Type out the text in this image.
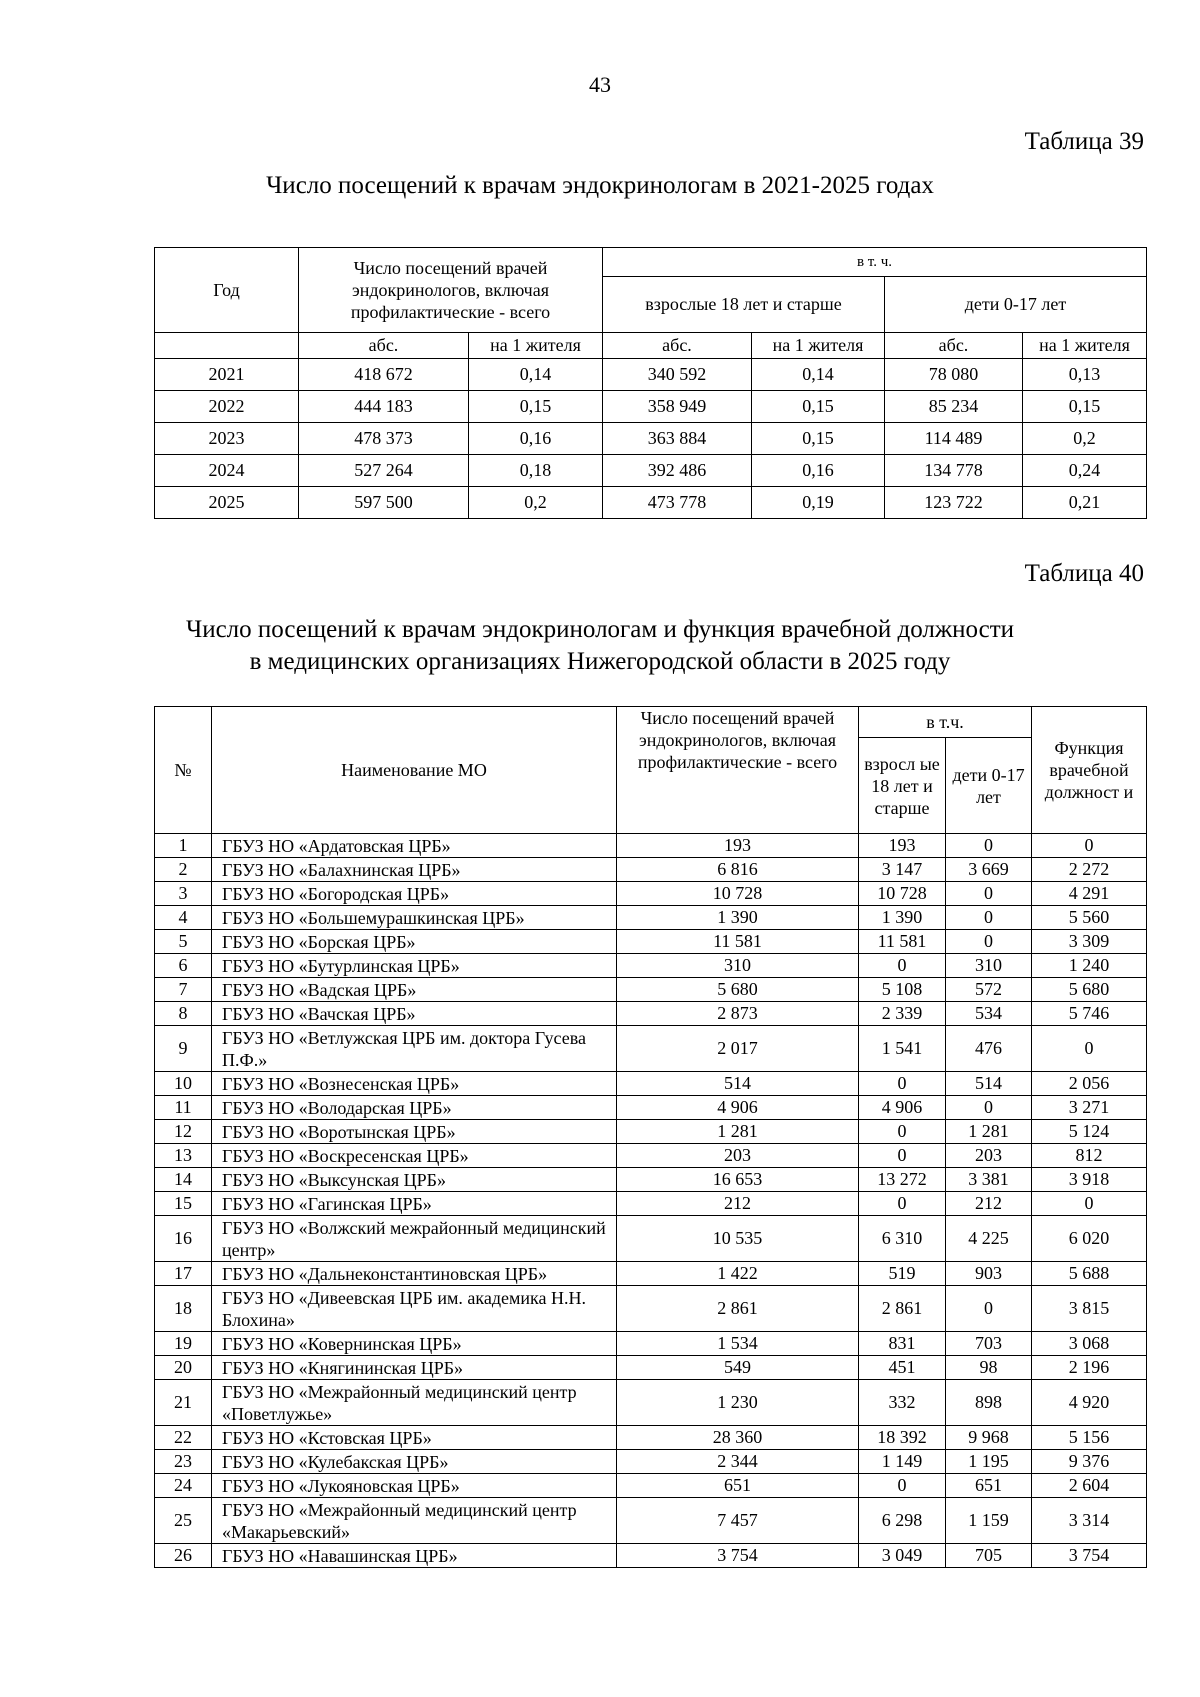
43
Таблица 39
Число посещений к врачам эндокринологам в 2021-2025 годах
Год	Число посещений врачей эндокринологов, включая профилактические - всего		в т. ч.			
			взрослые 18 лет и старше		дети 0-17 лет	
	абс.	на 1 жителя	абс.	на 1 жителя	абс.	на 1 жителя
2021	418 672	0,14	340 592	0,14	78 080	0,13
2022	444 183	0,15	358 949	0,15	85 234	0,15
2023	478 373	0,16	363 884	0,15	114 489	0,2
2024	527 264	0,18	392 486	0,16	134 778	0,24
2025	597 500	0,2	473 778	0,19	123 722	0,21
Таблица 40
Число посещений к врачам эндокринологам и функция врачебной должности
в медицинских организациях Нижегородской области в 2025 году
№	Наименование МО	Число посещений врачей эндокринологов, включая профилактические - всего	в т.ч.		Функция врачебной должност и
			взросл ые 18 лет и старше	дети 0-17 лет	
1	ГБУЗ НО «Ардатовская ЦРБ»	193	193	0	0
2	ГБУЗ НО «Балахнинская ЦРБ»	6 816	3 147	3 669	2 272
3	ГБУЗ НО «Богородская ЦРБ»	10 728	10 728	0	4 291
4	ГБУЗ НО «Большемурашкинская ЦРБ»	1 390	1 390	0	5 560
5	ГБУЗ НО «Борская ЦРБ»	11 581	11 581	0	3 309
6	ГБУЗ НО «Бутурлинская ЦРБ»	310	0	310	1 240
7	ГБУЗ НО «Вадская ЦРБ»	5 680	5 108	572	5 680
8	ГБУЗ НО «Вачская ЦРБ»	2 873	2 339	534	5 746
9	ГБУЗ НО «Ветлужская ЦРБ им. доктора Гусева П.Ф.»	2 017	1 541	476	0
10	ГБУЗ НО «Вознесенская ЦРБ»	514	0	514	2 056
11	ГБУЗ НО «Володарская ЦРБ»	4 906	4 906	0	3 271
12	ГБУЗ НО «Воротынская ЦРБ»	1 281	0	1 281	5 124
13	ГБУЗ НО «Воскресенская ЦРБ»	203	0	203	812
14	ГБУЗ НО «Выксунская ЦРБ»	16 653	13 272	3 381	3 918
15	ГБУЗ НО «Гагинская ЦРБ»	212	0	212	0
16	ГБУЗ НО «Волжский межрайонный медицинский центр»	10 535	6 310	4 225	6 020
17	ГБУЗ НО «Дальнеконстантиновская ЦРБ»	1 422	519	903	5 688
18	ГБУЗ НО «Дивеевская ЦРБ им. академика Н.Н. Блохина»	2 861	2 861	0	3 815
19	ГБУЗ НО «Ковернинская ЦРБ»	1 534	831	703	3 068
20	ГБУЗ НО «Княгининская ЦРБ»	549	451	98	2 196
21	ГБУЗ НО «Межрайонный медицинский центр «Поветлужье»	1 230	332	898	4 920
22	ГБУЗ НО «Кстовская ЦРБ»	28 360	18 392	9 968	5 156
23	ГБУЗ НО «Кулебакская ЦРБ»	2 344	1 149	1 195	9 376
24	ГБУЗ НО «Лукояновская ЦРБ»	651	0	651	2 604
25	ГБУЗ НО «Межрайонный медицинский центр «Макарьевский»	7 457	6 298	1 159	3 314
26	ГБУЗ НО «Навашинская ЦРБ»	3 754	3 049	705	3 754
